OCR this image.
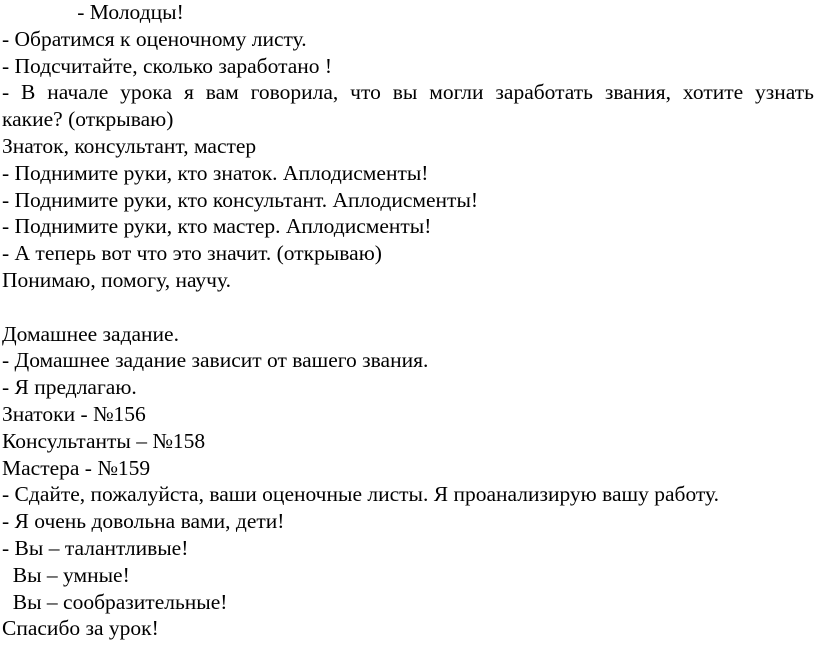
- Молодцы!
- Обратимся к оценочному листу.
- Подсчитайте, сколько заработано !
- В начале урока я вам говорила, что вы могли заработать звания, хотите узнать
какие? (открываю)
Знаток, консультант, мастер
- Поднимите руки, кто знаток. Аплодисменты!
- Поднимите руки, кто консультант. Аплодисменты!
- Поднимите руки, кто мастер. Аплодисменты!
- А теперь вот что это значит. (открываю)
Понимаю, помогу, научу.
Домашнее задание.
- Домашнее задание зависит от вашего звания.
- Я предлагаю.
Знатоки - №156
Консультанты – №158
Мастера - №159
- Сдайте, пожалуйста, ваши оценочные листы. Я проанализирую вашу работу.
- Я очень довольна вами, дети!
- Вы – талантливые!
Вы – умные!
Вы – сообразительные!
Спасибо за урок!
